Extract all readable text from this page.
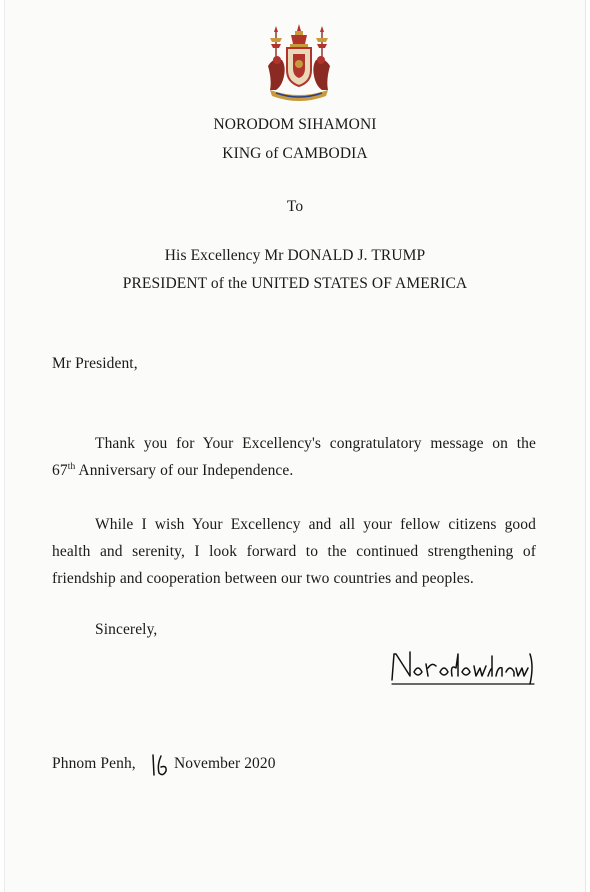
NORODOM SIHAMONI
KING of CAMBODIA
To
His Excellency Mr DONALD J. TRUMP
PRESIDENT of the UNITED STATES OF AMERICA
Mr President,
Thank you for Your Excellency's congratulatory message on the
67th Anniversary of our Independence.
While I wish Your Excellency and all your fellow citizens good
health and serenity, I look forward to the continued strengthening of
friendship and cooperation between our two countries and peoples.
Sincerely,
Phnom Penh, November 2020
